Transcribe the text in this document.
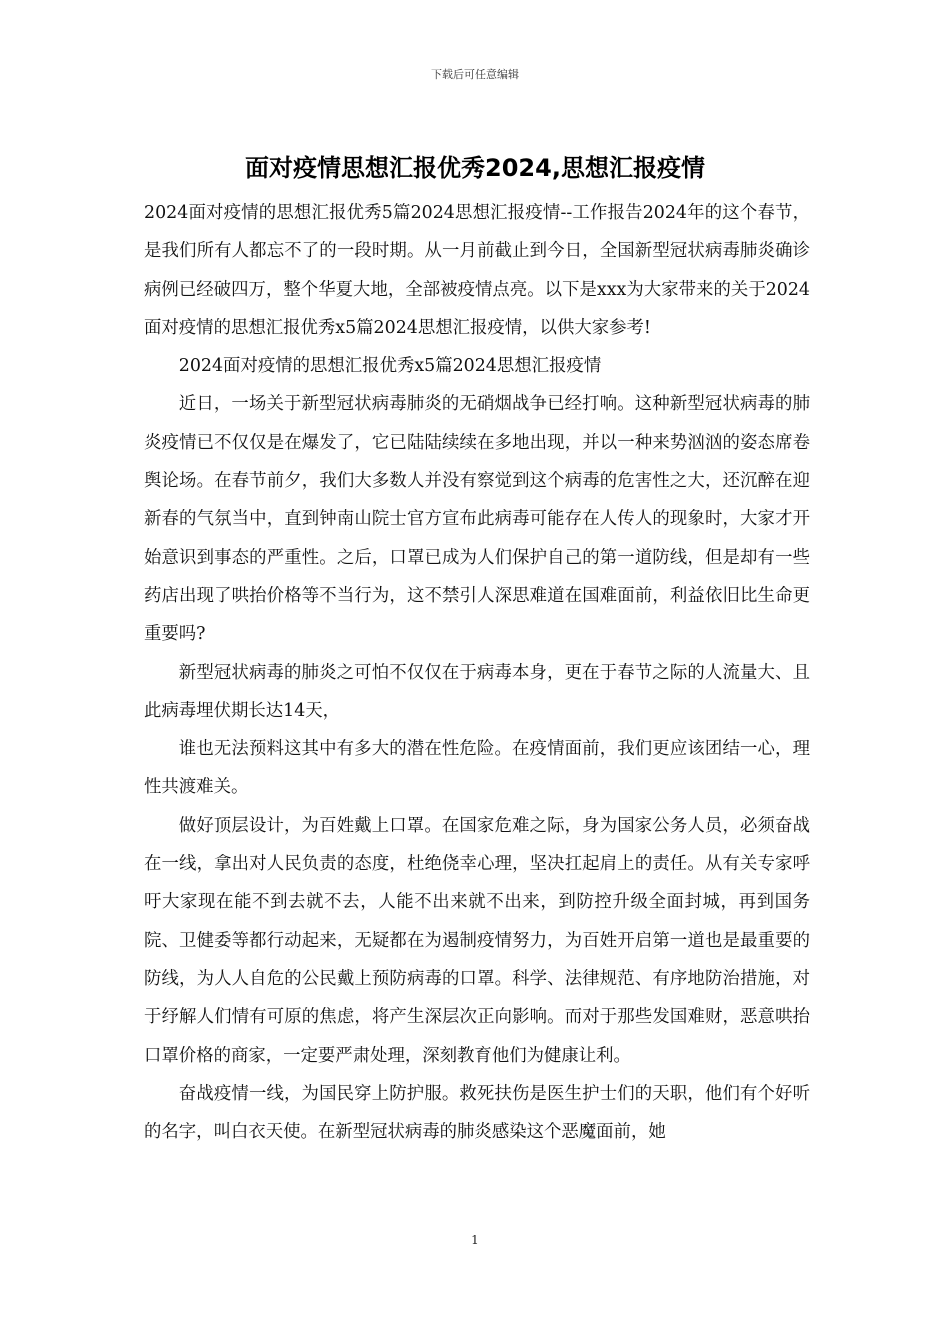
下载后可任意编辑
面对疫情思想汇报优秀2024,思想汇报疫情

2024面对疫情的思想汇报优秀5篇2024思想汇报疫情--工作报告2024年的这个春节，是我们所有人都忘不了的一段时期。从一月前截止到今日，全国新型冠状病毒肺炎确诊病例已经破四万，整个华夏大地，全部被疫情点亮。以下是xxx为大家带来的关于2024面对疫情的思想汇报优秀x5篇2024思想汇报疫情，以供大家参考!

2024面对疫情的思想汇报优秀x5篇2024思想汇报疫情

近日，一场关于新型冠状病毒肺炎的无硝烟战争已经打响。这种新型冠状病毒的肺炎疫情已不仅仅是在爆发了，它已陆陆续续在多地出现，并以一种来势汹汹的姿态席卷舆论场。在春节前夕，我们大多数人并没有察觉到这个病毒的危害性之大，还沉醉在迎新春的气氛当中，直到钟南山院士官方宣布此病毒可能存在人传人的现象时，大家才开始意识到事态的严重性。之后，口罩已成为人们保护自己的第一道防线，但是却有一些药店出现了哄抬价格等不当行为，这不禁引人深思难道在国难面前，利益依旧比生命更重要吗?

新型冠状病毒的肺炎之可怕不仅仅在于病毒本身，更在于春节之际的人流量大、且此病毒埋伏期长达14天，

谁也无法预料这其中有多大的潜在性危险。在疫情面前，我们更应该团结一心，理性共渡难关。

做好顶层设计，为百姓戴上口罩。在国家危难之际，身为国家公务人员，必须奋战在一线，拿出对人民负责的态度，杜绝侥幸心理，坚决扛起肩上的责任。从有关专家呼吁大家现在能不到去就不去，人能不出来就不出来，到防控升级全面封城，再到国务院、卫健委等都行动起来，无疑都在为遏制疫情努力，为百姓开启第一道也是最重要的防线，为人人自危的公民戴上预防病毒的口罩。科学、法律规范、有序地防治措施，对于纾解人们情有可原的焦虑，将产生深层次正向影响。而对于那些发国难财，恶意哄抬口罩价格的商家，一定要严肃处理，深刻教育他们为健康让利。

奋战疫情一线，为国民穿上防护服。救死扶伤是医生护士们的天职，他们有个好听的名字，叫白衣天使。在新型冠状病毒的肺炎感染这个恶魔面前，她

1
